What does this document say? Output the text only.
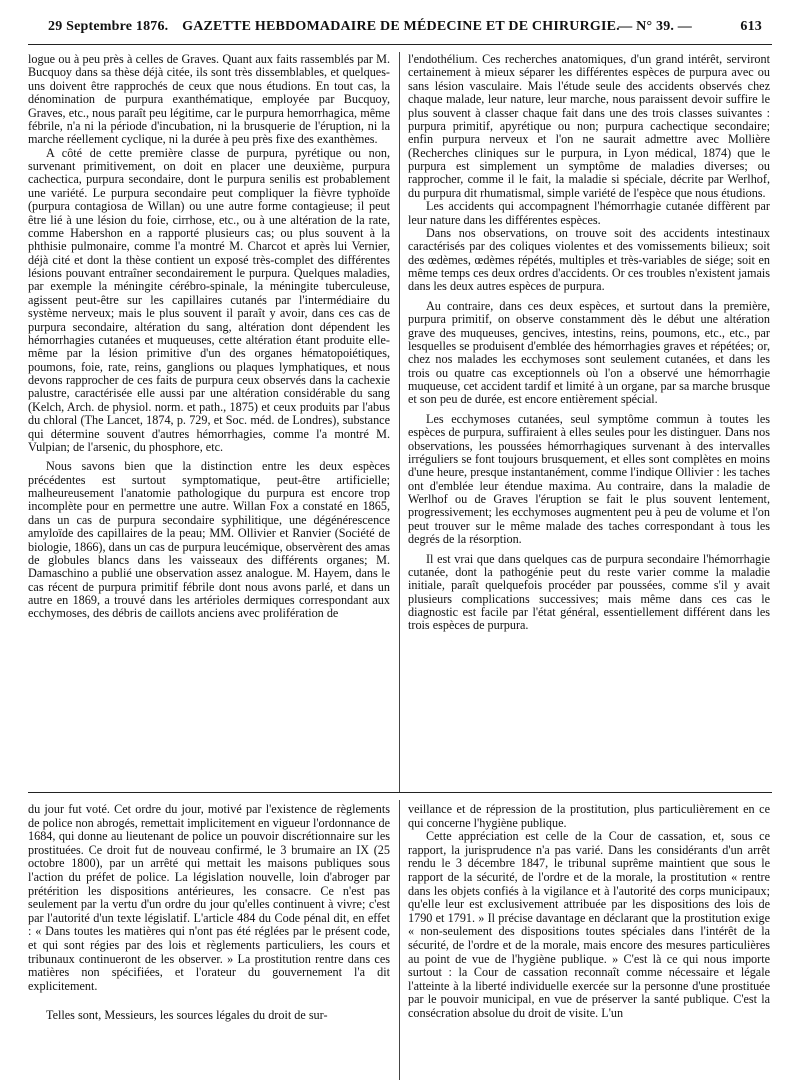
29 Septembre 1876. GAZETTE HEBDOMADAIRE DE MÉDECINE ET DE CHIRURGIE.
— N° 39. —	613

logue ou à peu près à celles de Graves. Quant aux faits rassemblés par M. Bucquoy dans sa thèse déjà citée, ils sont très dissemblables, et quelques-uns doivent être rapprochés de ceux que nous étudions. En tout cas, la dénomination de purpura exanthématique, employée par Bucquoy, Graves, etc., nous paraît peu légitime, car le purpura hemorrhagica, même fébrile, n'a ni la période d'incubation, ni la brusquerie de l'éruption, ni la marche réellement cyclique, ni la durée à peu près fixe des exanthèmes.

A côté de cette première classe de purpura, pyrétique ou non, survenant primitivement, on doit en placer une deuxième, purpura cachectica, purpura secondaire, dont le purpura senilis est probablement une variété. Le purpura secondaire peut compliquer la fièvre typhoïde (purpura contagiosa de Willan) ou une autre forme contagieuse; il peut être lié à une lésion du foie, cirrhose, etc., ou à une altération de la rate, comme Habershon en a rapporté plusieurs cas; ou plus souvent à la phthisie pulmonaire, comme l'a montré M. Charcot et après lui Vernier, déjà cité et dont la thèse contient un exposé très-complet des différentes lésions pouvant entraîner secondairement le purpura. Quelques maladies, par exemple la méningite cérébro-spinale, la méningite tuberculeuse, agissent peut-être sur les capillaires cutanés par l'intermédiaire du système nerveux; mais le plus souvent il paraît y avoir, dans ces cas de purpura secondaire, altération du sang, altération dont dépendent les hémorrhagies cutanées et muqueuses, cette altération étant produite elle-même par la lésion primitive d'un des organes hématopoiétiques, poumons, foie, rate, reins, ganglions ou plaques lymphatiques, et nous devons rapprocher de ces faits de purpura ceux observés dans la cachexie palustre, caractérisée elle aussi par une altération considérable du sang (Kelch, Arch. de physiol. norm. et path., 1875) et ceux produits par l'abus du chloral (The Lancet, 1874, p. 729, et Soc. méd. de Londres), substance qui détermine souvent d'autres hémorrhagies, comme l'a montré M. Vulpian; de l'arsenic, du phosphore, etc.

Nous savons bien que la distinction entre les deux espèces précédentes est surtout symptomatique, peut-être artificielle; malheureusement l'anatomie pathologique du purpura est encore trop incomplète pour en permettre une autre. Willan Fox a constaté en 1865, dans un cas de purpura secondaire syphilitique, une dégénérescence amyloïde des capillaires de la peau; MM. Ollivier et Ranvier (Société de biologie, 1866), dans un cas de purpura leucémique, observèrent des amas de globules blancs dans les vaisseaux des différents organes; M. Damaschino a publié une observation assez analogue. M. Hayem, dans le cas récent de purpura primitif fébrile dont nous avons parlé, et dans un autre en 1869, a trouvé dans les artérioles dermiques correspondant aux ecchymoses, des débris de caillots anciens avec prolifération de

l'endothélium. Ces recherches anatomiques, d'un grand intérêt, serviront certainement à mieux séparer les différentes espèces de purpura avec ou sans lésion vasculaire. Mais l'étude seule des accidents observés chez chaque malade, leur nature, leur marche, nous paraissent devoir suffire le plus souvent à classer chaque fait dans une des trois classes suivantes : purpura primitif, apyrétique ou non; purpura cachectique secondaire; enfin purpura nerveux et l'on ne saurait admettre avec Mollière (Recherches cliniques sur le purpura, in Lyon médical, 1874) que le purpura est simplement un symptôme de maladies diverses; ou rapprocher, comme il le fait, la maladie si spéciale, décrite par Werlhof, du purpura dit rhumatismal, simple variété de l'espèce que nous étudions.

Les accidents qui accompagnent l'hémorrhagie cutanée diffèrent par leur nature dans les différentes espèces.

Dans nos observations, on trouve soit des accidents intestinaux caractérisés par des coliques violentes et des vomissements bilieux; soit des œdèmes, œdèmes répétés, multiples et très-variables de siége; soit en même temps ces deux ordres d'accidents. Or ces troubles n'existent jamais dans les deux autres espèces de purpura.

Au contraire, dans ces deux espèces, et surtout dans la première, purpura primitif, on observe constamment dès le début une altération grave des muqueuses, gencives, intestins, reins, poumons, etc., etc., par lesquelles se produisent d'emblée des hémorrhagies graves et répétées; or, chez nos malades les ecchymoses sont seulement cutanées, et dans les trois ou quatre cas exceptionnels où l'on a observé une hémorrhagie muqueuse, cet accident tardif et limité à un organe, par sa marche brusque et son peu de durée, est encore entièrement spécial.

Les ecchymoses cutanées, seul symptôme commun à toutes les espèces de purpura, suffiraient à elles seules pour les distinguer. Dans nos observations, les poussées hémorrhagiques survenant à des intervalles irréguliers se font toujours brusquement, et elles sont complètes en moins d'une heure, presque instantanément, comme l'indique Ollivier : les taches ont d'emblée leur étendue maxima. Au contraire, dans la maladie de Werlhof ou de Graves l'éruption se fait le plus souvent lentement, progressivement; les ecchymoses augmentent peu à peu de volume et l'on peut trouver sur le même malade des taches correspondant à tous les degrés de la résorption.

Il est vrai que dans quelques cas de purpura secondaire l'hémorrhagie cutanée, dont la pathogénie peut du reste varier comme la maladie initiale, paraît quelquefois procéder par poussées, comme s'il y avait plusieurs complications successives; mais même dans ces cas le diagnostic est facile par l'état général, essentiellement différent dans les trois espèces de purpura.

du jour fut voté. Cet ordre du jour, motivé par l'existence de règlements de police non abrogés, remettait implicitement en vigueur l'ordonnance de 1684, qui donne au lieutenant de police un pouvoir discrétionnaire sur les prostituées. Ce droit fut de nouveau confirmé, le 3 brumaire an IX (25 octobre 1800), par un arrêté qui mettait les maisons publiques sous l'action du préfet de police. La législation nouvelle, loin d'abroger par prétérition les dispositions antérieures, les consacre. Ce n'est pas seulement par la vertu d'un ordre du jour qu'elles continuent à vivre; c'est par l'autorité d'un texte législatif. L'article 484 du Code pénal dit, en effet : « Dans toutes les matières qui n'ont pas été réglées par le présent code, et qui sont régies par des lois et règlements particuliers, les cours et tribunaux continueront de les observer. » La prostitution rentre dans ces matières non spécifiées, et l'orateur du gouvernement l'a dit explicitement.

Telles sont, Messieurs, les sources légales du droit de sur-

veillance et de répression de la prostitution, plus particulièrement en ce qui concerne l'hygiène publique.

Cette appréciation est celle de la Cour de cassation, et, sous ce rapport, la jurisprudence n'a pas varié. Dans les considérants d'un arrêt rendu le 3 décembre 1847, le tribunal suprême maintient que sous le rapport de la sécurité, de l'ordre et de la morale, la prostitution « rentre dans les objets confiés à la vigilance et à l'autorité des corps municipaux; qu'elle leur est exclusivement attribuée par les dispositions des lois de 1790 et 1791. » Il précise davantage en déclarant que la prostitution exige « non-seulement des dispositions toutes spéciales dans l'intérêt de la sécurité, de l'ordre et de la morale, mais encore des mesures particulières au point de vue de l'hygiène publique. » C'est là ce qui nous importe surtout : la Cour de cassation reconnaît comme nécessaire et légale l'atteinte à la liberté individuelle exercée sur la personne d'une prostituée par le pouvoir municipal, en vue de préserver la santé publique. C'est la consécration absolue du droit de visite. L'un
